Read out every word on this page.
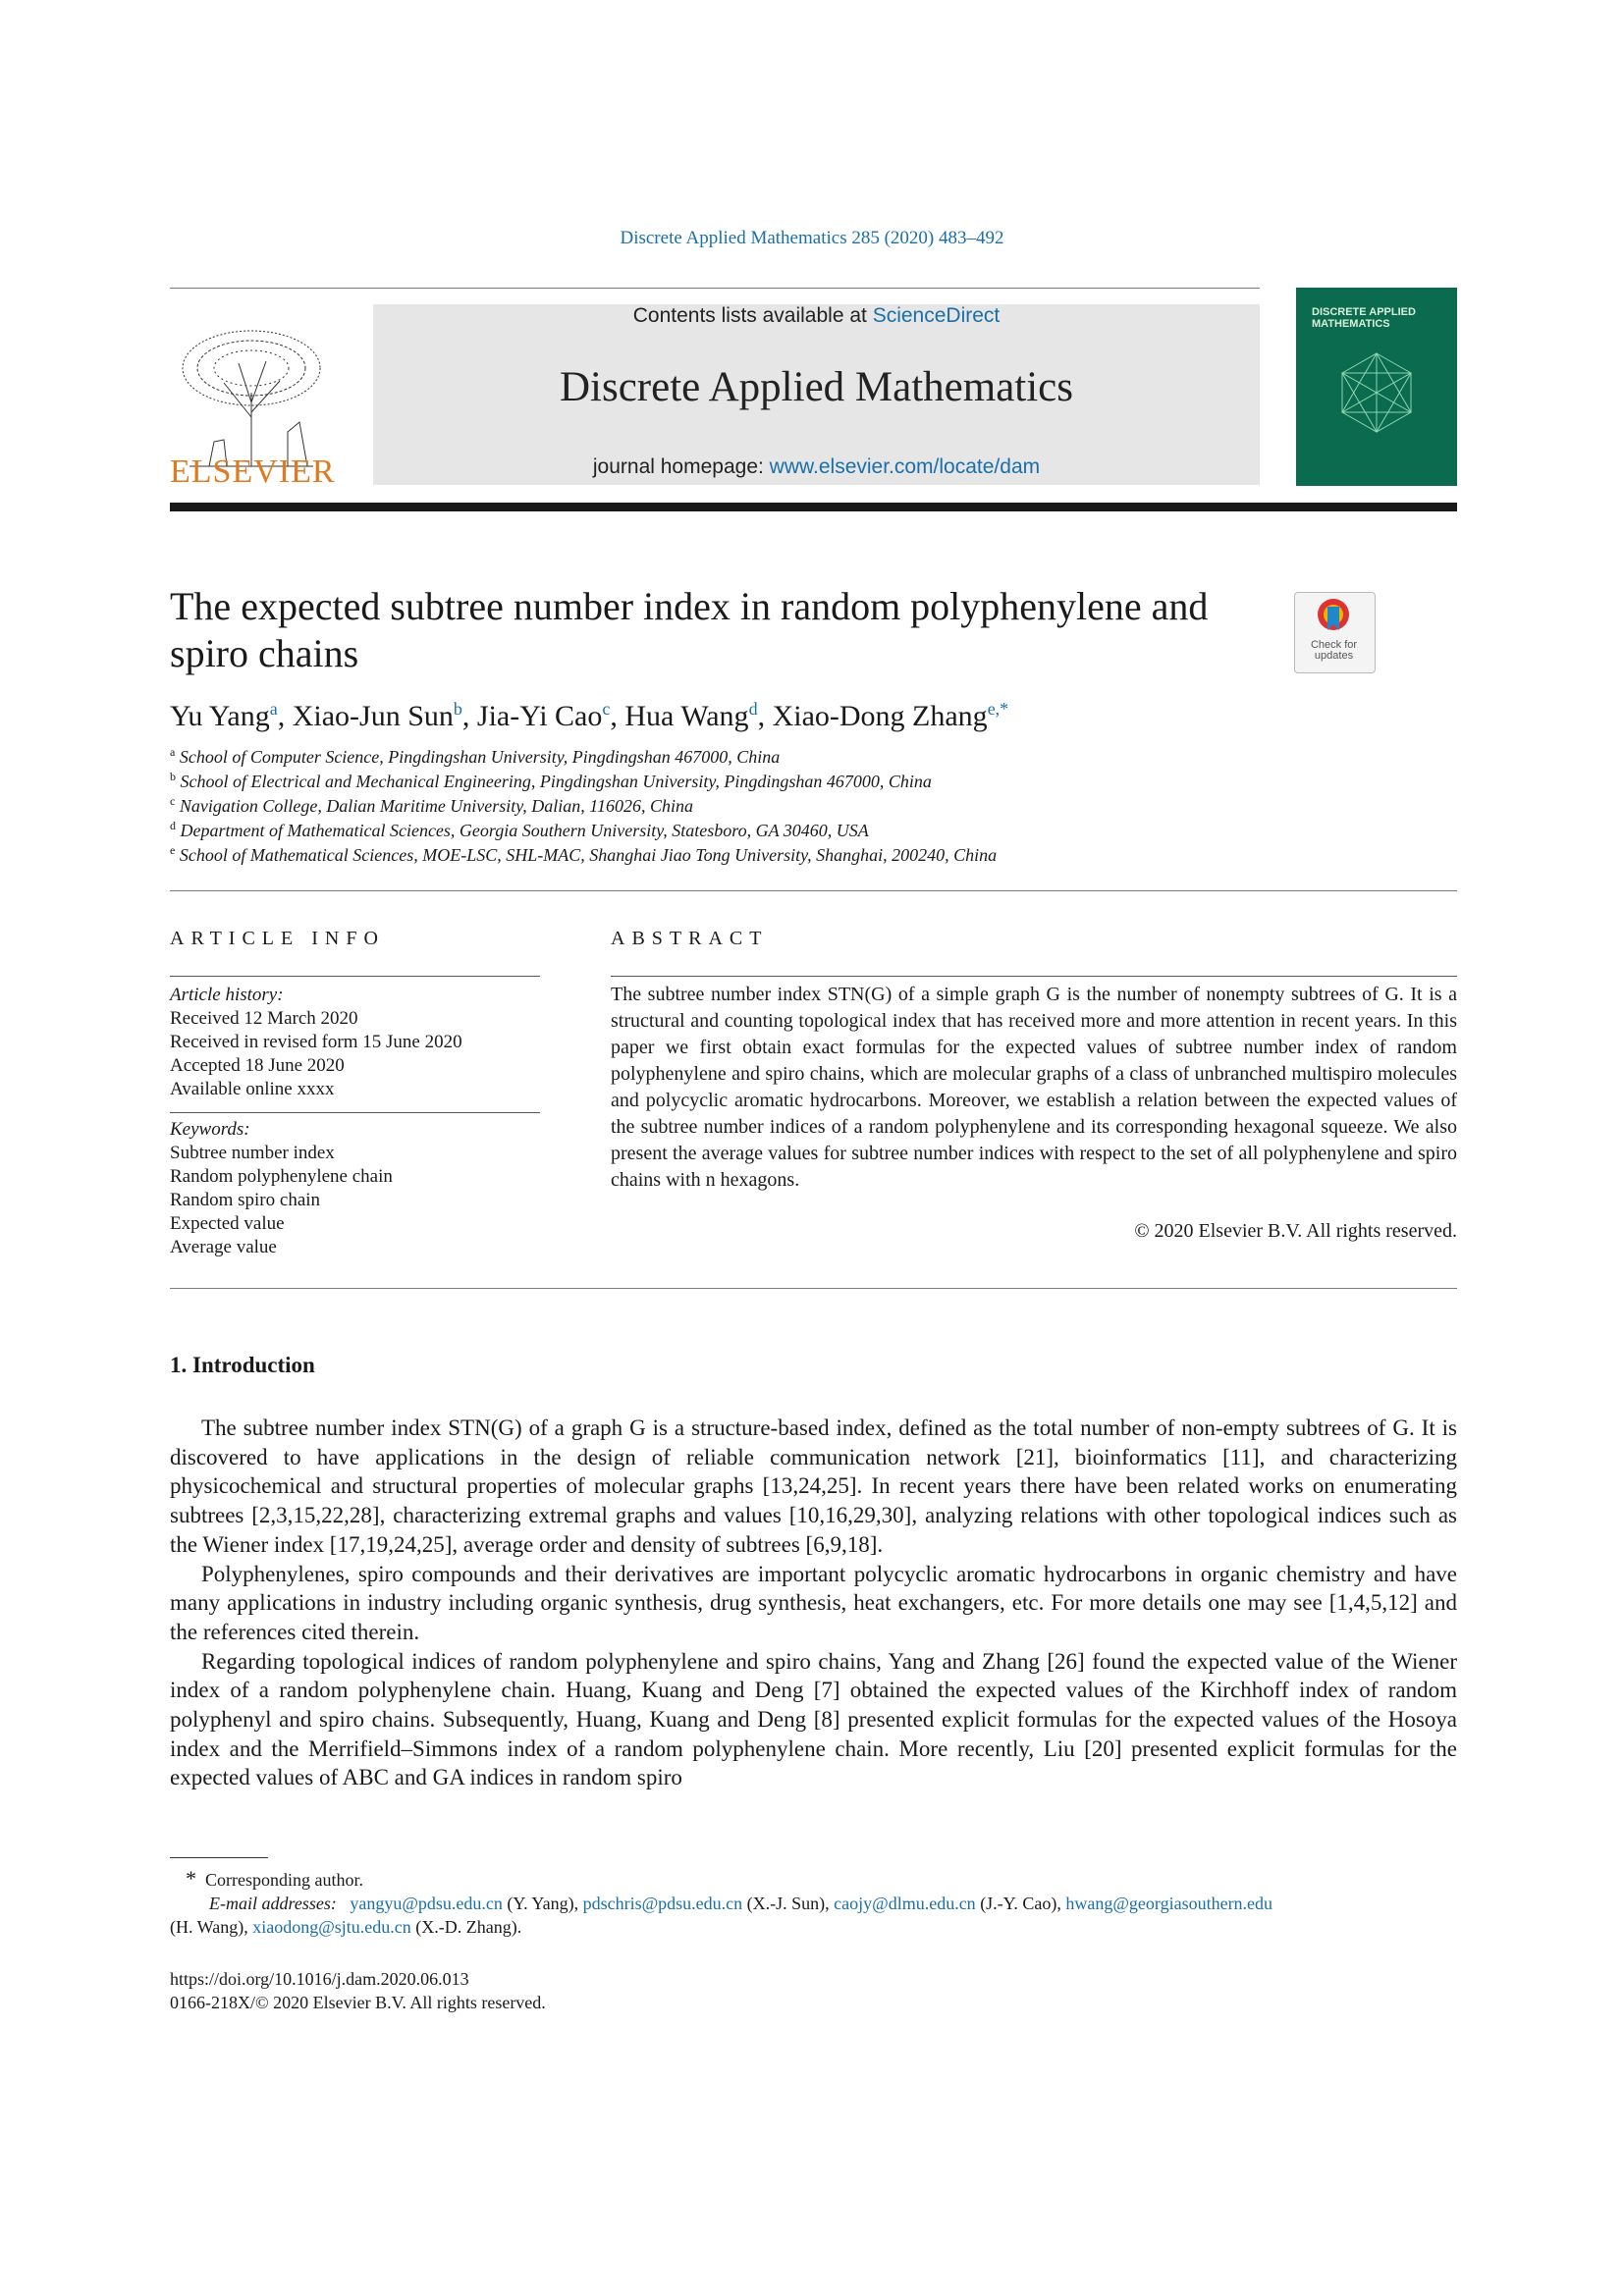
Discrete Applied Mathematics 285 (2020) 483–492
ELSEVIER
Contents lists available at ScienceDirect
Discrete Applied Mathematics
journal homepage: www.elsevier.com/locate/dam
DISCRETE APPLIED MATHEMATICS
The expected subtree number index in random polyphenylene and spiro chains	Check for updates
Yu Yang$^a$, Xiao-Jun Sun$^b$, Jia-Yi Cao$^c$, Hua Wang$^d$, Xiao-Dong Zhang$^{e,*}$
$^a$ School of Computer Science, Pingdingshan University, Pingdingshan 467000, China
$^b$ School of Electrical and Mechanical Engineering, Pingdingshan University, Pingdingshan 467000, China
$^c$ Navigation College, Dalian Maritime University, Dalian, 116026, China
$^d$ Department of Mathematical Sciences, Georgia Southern University, Statesboro, GA 30460, USA
$^e$ School of Mathematical Sciences, MOE-LSC, SHL-MAC, Shanghai Jiao Tong University, Shanghai, 200240, China
ARTICLE INFO
Article history:
Received 12 March 2020
Received in revised form 15 June 2020
Accepted 18 June 2020
Available online xxxx
Keywords:
Subtree number index
Random polyphenylene chain
Random spiro chain
Expected value
Average value
ABSTRACT
The subtree number index STN(G) of a simple graph G is the number of nonempty subtrees of G. It is a structural and counting topological index that has received more and more attention in recent years. In this paper we first obtain exact formulas for the expected values of subtree number index of random polyphenylene and spiro chains, which are molecular graphs of a class of unbranched multispiro molecules and polycyclic aromatic hydrocarbons. Moreover, we establish a relation between the expected values of the subtree number indices of a random polyphenylene and its corresponding hexagonal squeeze. We also present the average values for subtree number indices with respect to the set of all polyphenylene and spiro chains with n hexagons.
© 2020 Elsevier B.V. All rights reserved.
1. Introduction

The subtree number index STN(G) of a graph G is a structure-based index, defined as the total number of non-empty subtrees of G. It is discovered to have applications in the design of reliable communication network [21], bioinformatics [11], and characterizing physicochemical and structural properties of molecular graphs [13,24,25]. In recent years there have been related works on enumerating subtrees [2,3,15,22,28], characterizing extremal graphs and values [10,16,29,30], analyzing relations with other topological indices such as the Wiener index [17,19,24,25], average order and density of subtrees [6,9,18].

Polyphenylenes, spiro compounds and their derivatives are important polycyclic aromatic hydrocarbons in organic chemistry and have many applications in industry including organic synthesis, drug synthesis, heat exchangers, etc. For more details one may see [1,4,5,12] and the references cited therein.

Regarding topological indices of random polyphenylene and spiro chains, Yang and Zhang [26] found the expected value of the Wiener index of a random polyphenylene chain. Huang, Kuang and Deng [7] obtained the expected values of the Kirchhoff index of random polyphenyl and spiro chains. Subsequently, Huang, Kuang and Deng [8] presented explicit formulas for the expected values of the Hosoya index and the Merrifield–Simmons index of a random polyphenylene chain. More recently, Liu [20] presented explicit formulas for the expected values of ABC and GA indices in random spiro

* Corresponding author.
E-mail addresses: yangyu@pdsu.edu.cn (Y. Yang), pdschris@pdsu.edu.cn (X.-J. Sun), caojy@dlmu.edu.cn (J.-Y. Cao), hwang@georgiasouthern.edu
(H. Wang), xiaodong@sjtu.edu.cn (X.-D. Zhang).
https://doi.org/10.1016/j.dam.2020.06.013
0166-218X/© 2020 Elsevier B.V. All rights reserved.
